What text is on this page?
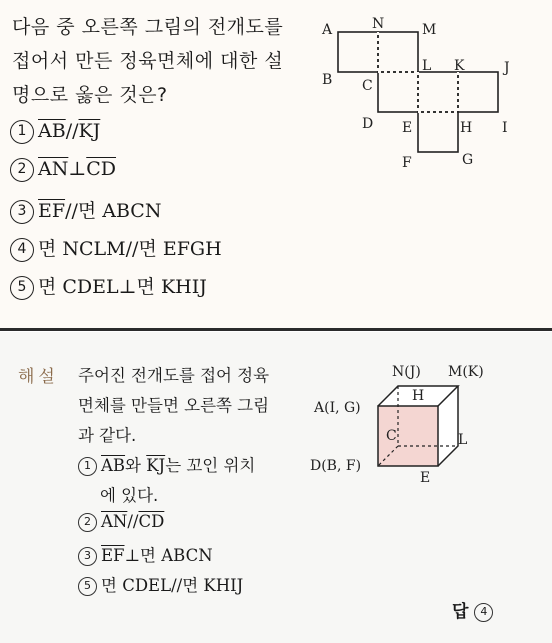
다음 중 오른쪽 그림의 전개도를
접어서 만든 정육면체에 대한 설
명으로 옳은 것은?
1 $\overline{AB}//\overline{KJ}$
2 $\overline{AN}\perp\overline{CD}$
3 $\overline{EF}//$면 ABCN
4 면 NCLM//면 EFGH
5 면 CDEL⊥면 KHIJ
A	N	M
B C
L K	J
D E	H I
F	G
해설 주어진 전개도를 접어 정육
면체를 만들면 오른쪽 그림
과 같다.
1 $\overline{AB}$와 $\overline{KJ}$는 꼬인 위치
에 있다.
2 $\overline{AN}//\overline{CD}$
3 $\overline{EF}\perp$면 ABCN
5 면 CDEL//면 KHIJ
N(J) M(K)
A(I, G)
H
C	L
D(B, F)
E
답 4
